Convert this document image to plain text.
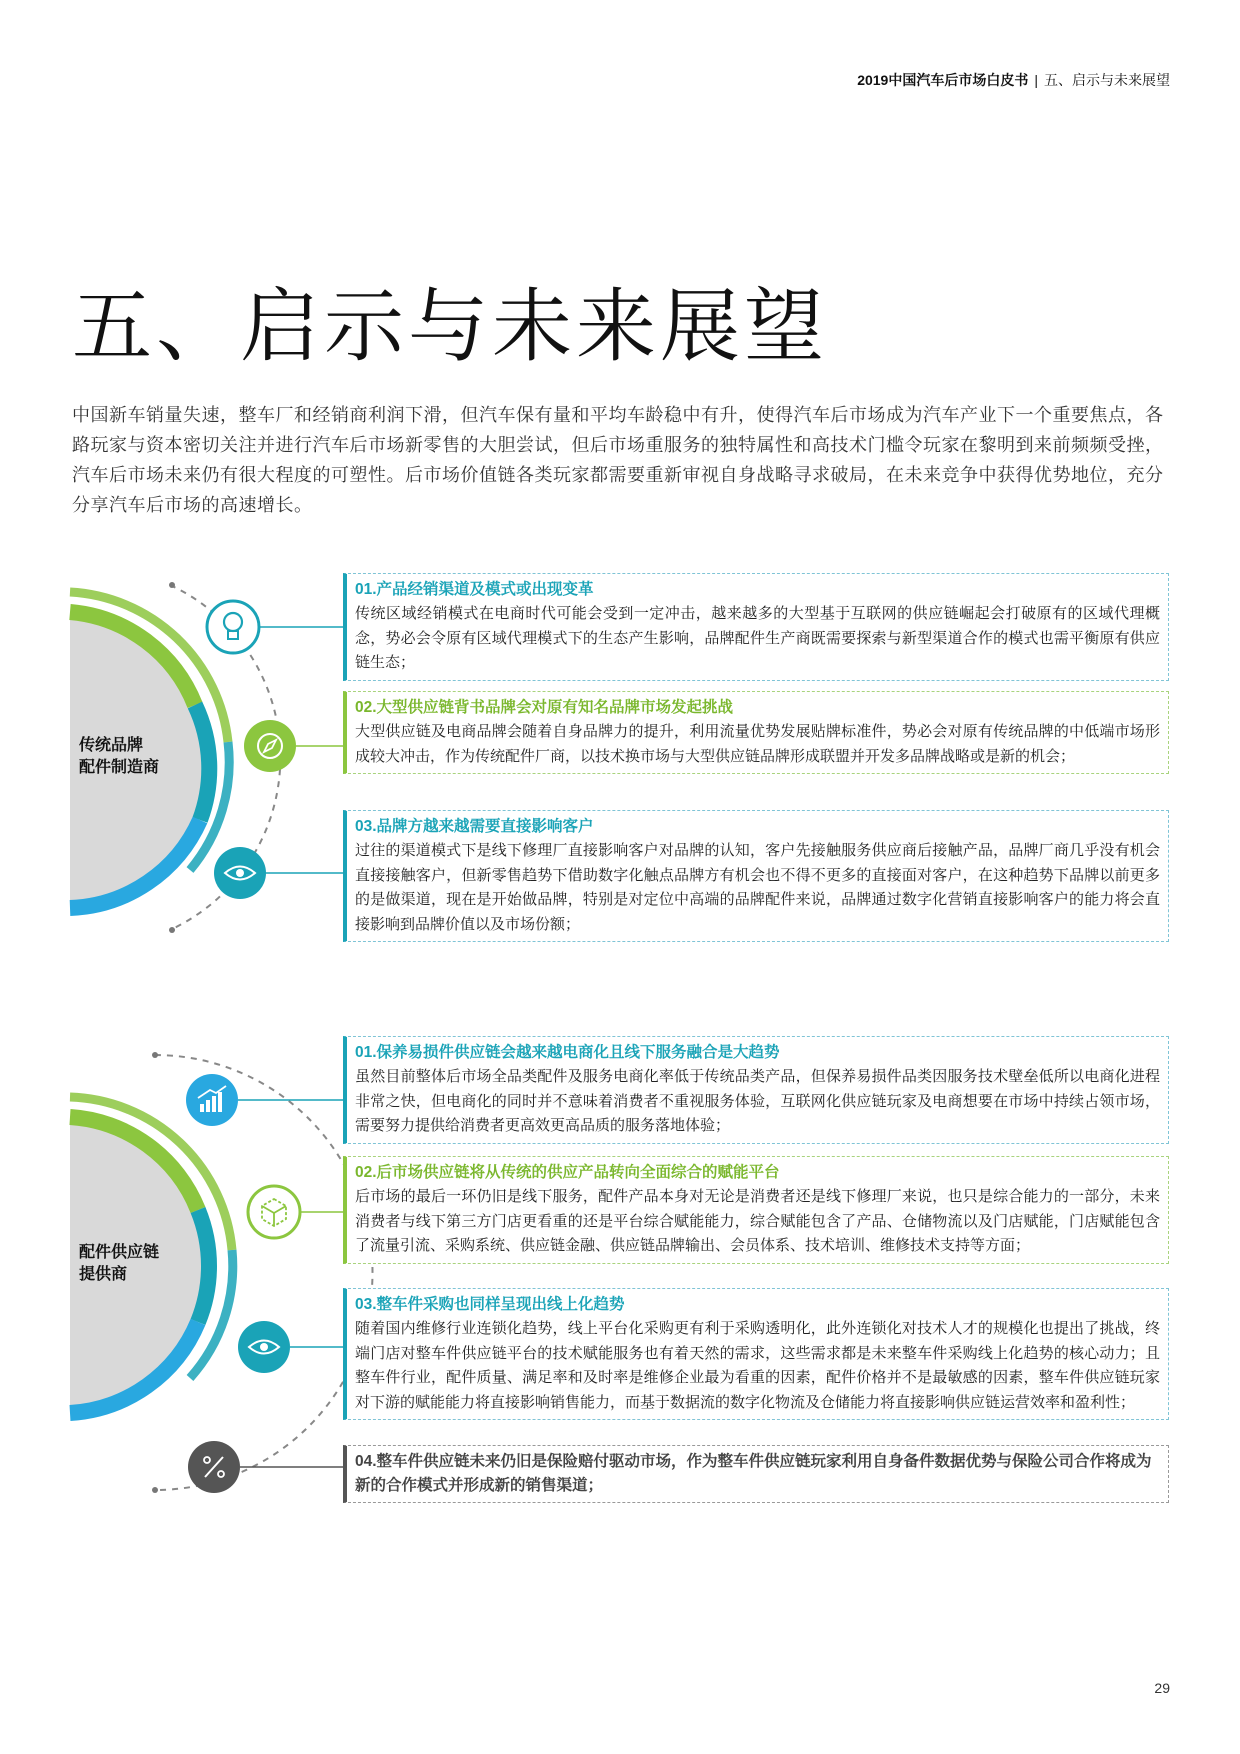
2019中国汽车后市场白皮书 | 五、启示与未来展望
五、启示与未来展望

中国新车销量失速，整车厂和经销商利润下滑，但汽车保有量和平均车龄稳中有升，使得汽车后市场成为汽车产业下一个重要焦点，各路玩家与资本密切关注并进行汽车后市场新零售的大胆尝试，但后市场重服务的独特属性和高技术门槛令玩家在黎明到来前频频受挫，汽车后市场未来仍有很大程度的可塑性。后市场价值链各类玩家都需要重新审视自身战略寻求破局，在未来竞争中获得优势地位，充分分享汽车后市场的高速增长。

传统品牌
配件制造商
配件供应链
提供商
01.产品经销渠道及模式或出现变革
传统区域经销模式在电商时代可能会受到一定冲击，越来越多的大型基于互联网的供应链崛起会打破原有的区域代理概念，势必会令原有区域代理模式下的生态产生影响，品牌配件生产商既需要探索与新型渠道合作的模式也需平衡原有供应链生态；
02.大型供应链背书品牌会对原有知名品牌市场发起挑战
大型供应链及电商品牌会随着自身品牌力的提升，利用流量优势发展贴牌标准件，势必会对原有传统品牌的中低端市场形成较大冲击，作为传统配件厂商，以技术换市场与大型供应链品牌形成联盟并开发多品牌战略或是新的机会；
03.品牌方越来越需要直接影响客户
过往的渠道模式下是线下修理厂直接影响客户对品牌的认知，客户先接触服务供应商后接触产品，品牌厂商几乎没有机会直接接触客户，但新零售趋势下借助数字化触点品牌方有机会也不得不更多的直接面对客户，在这种趋势下品牌以前更多的是做渠道，现在是开始做品牌，特别是对定位中高端的品牌配件来说，品牌通过数字化营销直接影响客户的能力将会直接影响到品牌价值以及市场份额；
01.保养易损件供应链会越来越电商化且线下服务融合是大趋势
虽然目前整体后市场全品类配件及服务电商化率低于传统品类产品，但保养易损件品类因服务技术壁垒低所以电商化进程非常之快，但电商化的同时并不意味着消费者不重视服务体验，互联网化供应链玩家及电商想要在市场中持续占领市场，需要努力提供给消费者更高效更高品质的服务落地体验；
02.后市场供应链将从传统的供应产品转向全面综合的赋能平台
后市场的最后一环仍旧是线下服务，配件产品本身对无论是消费者还是线下修理厂来说，也只是综合能力的一部分，未来消费者与线下第三方门店更看重的还是平台综合赋能能力，综合赋能包含了产品、仓储物流以及门店赋能，门店赋能包含了流量引流、采购系统、供应链金融、供应链品牌输出、会员体系、技术培训、维修技术支持等方面；
03.整车件采购也同样呈现出线上化趋势
随着国内维修行业连锁化趋势，线上平台化采购更有利于采购透明化，此外连锁化对技术人才的规模化也提出了挑战，终端门店对整车件供应链平台的技术赋能服务也有着天然的需求，这些需求都是未来整车件采购线上化趋势的核心动力；且整车件行业，配件质量、满足率和及时率是维修企业最为看重的因素，配件价格并不是最敏感的因素，整车件供应链玩家对下游的赋能能力将直接影响销售能力，而基于数据流的数字化物流及仓储能力将直接影响供应链运营效率和盈利性；
04.整车件供应链未来仍旧是保险赔付驱动市场，作为整车件供应链玩家利用自身备件数据优势与保险公司合作将成为新的合作模式并形成新的销售渠道；
29
